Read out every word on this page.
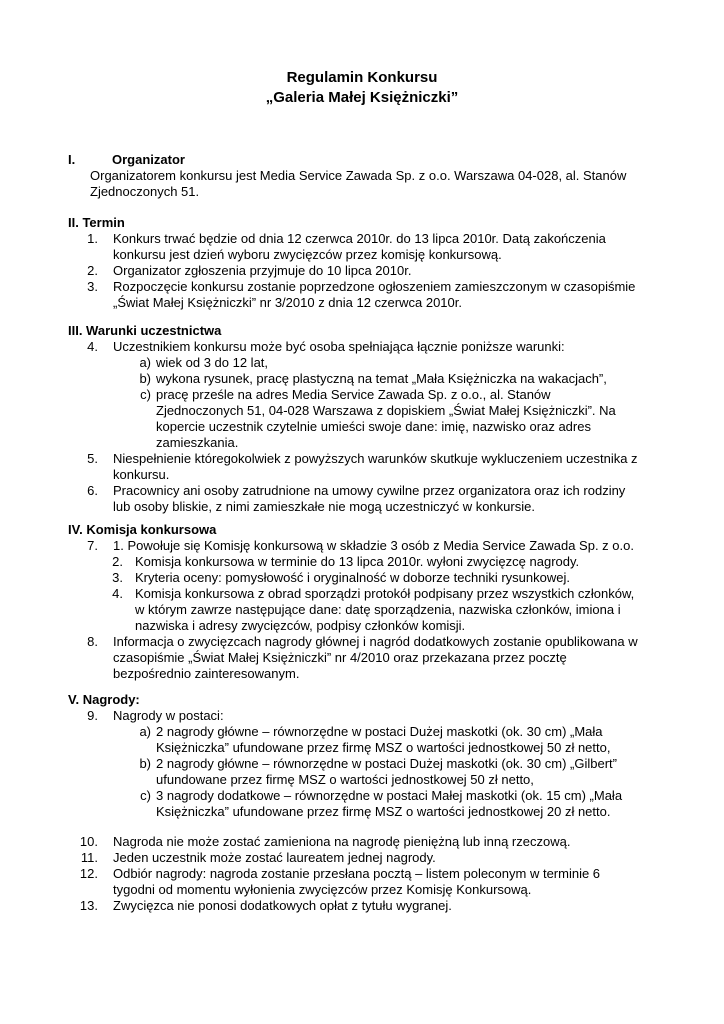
Regulamin Konkursu
„Galeria Małej Księżniczki”
I.	Organizator
Organizatorem konkursu jest Media Service Zawada Sp. z o.o. Warszawa 04-028, al. Stanów
Zjednoczonych 51.
II. Termin
1.	Konkurs trwać będzie od dnia 12 czerwca 2010r. do 13 lipca 2010r. Datą zakończenia
konkursu jest dzień wyboru zwycięzców przez komisję konkursową.
2.	Organizator zgłoszenia przyjmuje do 10 lipca 2010r.
3.	Rozpoczęcie konkursu zostanie poprzedzone ogłoszeniem zamieszczonym w czasopiśmie
„Świat Małej Księżniczki” nr 3/2010 z dnia 12 czerwca 2010r.
III. Warunki uczestnictwa
4.	Uczestnikiem konkursu może być osoba spełniająca łącznie poniższe warunki:
a) wiek od 3 do 12 lat,
b) wykona rysunek, pracę plastyczną na temat „Mała Księżniczka na wakacjach”,
c) pracę prześle na adres Media Service Zawada Sp. z o.o., al. Stanów
Zjednoczonych 51, 04-028 Warszawa z dopiskiem „Świat Małej Księżniczki”. Na
kopercie uczestnik czytelnie umieści swoje dane: imię, nazwisko oraz adres
zamieszkania.
5.	Niespełnienie któregokolwiek z powyższych warunków skutkuje wykluczeniem uczestnika z
konkursu.
6.	Pracownicy ani osoby zatrudnione na umowy cywilne przez organizatora oraz ich rodziny
lub osoby bliskie, z nimi zamieszkałe nie mogą uczestniczyć w konkursie.
IV. Komisja konkursowa
7.	1. Powołuje się Komisję konkursową w składzie 3 osób z Media Service Zawada Sp. z o.o.
2. Komisja konkursowa w terminie do 13 lipca 2010r. wyłoni zwycięzcę nagrody.
3. Kryteria oceny: pomysłowość i oryginalność w doborze techniki rysunkowej.
4. Komisja konkursowa z obrad sporządzi protokół podpisany przez wszystkich członków,
w którym zawrze następujące dane: datę sporządzenia, nazwiska członków, imiona i
nazwiska i adresy zwycięzców, podpisy członków komisji.
8.	Informacja o zwycięzcach nagrody głównej i nagród dodatkowych zostanie opublikowana w
czasopiśmie „Świat Małej Księżniczki” nr 4/2010 oraz przekazana przez pocztę
bezpośrednio zainteresowanym.
V. Nagrody:
9.	Nagrody w postaci:
a) 2 nagrody główne – równorzędne w postaci Dużej maskotki (ok. 30 cm) „Mała
Księżniczka” ufundowane przez firmę MSZ o wartości jednostkowej 50 zł netto,
b) 2 nagrody główne – równorzędne w postaci Dużej maskotki (ok. 30 cm) „Gilbert”
ufundowane przez firmę MSZ o wartości jednostkowej 50 zł netto,
c) 3 nagrody dodatkowe – równorzędne w postaci Małej maskotki (ok. 15 cm) „Mała
Księżniczka” ufundowane przez firmę MSZ o wartości jednostkowej 20 zł netto.
10.	Nagroda nie może zostać zamieniona na nagrodę pieniężną lub inną rzeczową.
11.	Jeden uczestnik może zostać laureatem jednej nagrody.
12.	Odbiór nagrody: nagroda zostanie przesłana pocztą – listem poleconym w terminie 6
tygodni od momentu wyłonienia zwycięzców przez Komisję Konkursową.
13.	Zwycięzca nie ponosi dodatkowych opłat z tytułu wygranej.
